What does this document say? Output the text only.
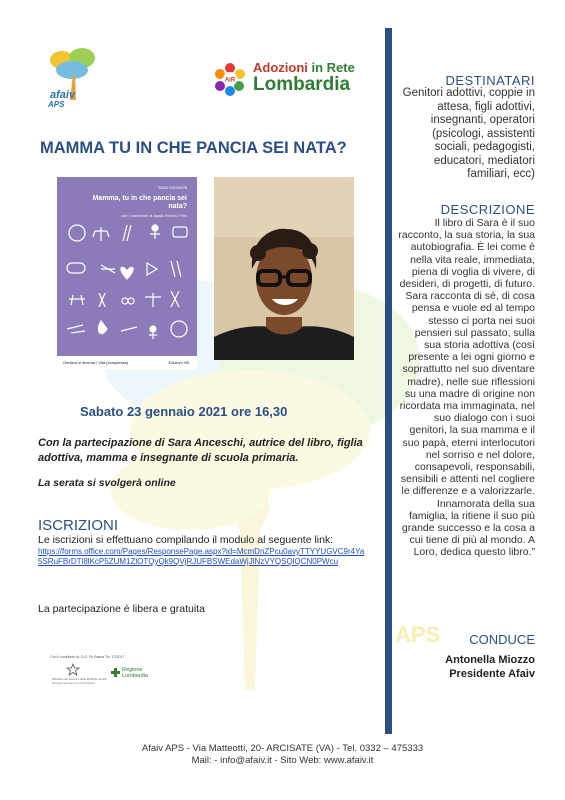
afaiv
APS
AiR
Adozioni in Rete
Lombardia
MAMMA TU IN CHE PANCIA SEI NATA?
Sara Anceschi
Mamma, tu in che pancia sei nata?
con i commenti di Agata Ronchi Felin
Genitori si diventa / Vita (complessa)	Edizioni VB
Sabato 23 gennaio 2021 ore 16,30
Con la partecipazione di Sara Anceschi, autrice del libro, figlia adottiva, mamma e insegnante di scuola primaria.
La serata si svolgerà online
ISCRIZIONI
Le iscrizioni si effettuano compilando il modulo al seguente link:
https://forms.office.com/Pages/ResponsePage.aspx?id=McmDnZPcu0avyTTYYUGVC9r4Ya5SRuFBrDTl8lKcP5ZUM1ZlOTQyQk9QVjRJUFBSWEdaWjJlNzVYQSQlQCN0PWcu
La partecipazione è libera e gratuita
Con il contributo di: D.G. Po Bassa Tin. 12/2017
Ministero del Lavoro e delle Politiche Sociali
Direzione Generale per il Terzo Settore
Regione
Lombardia
DESTINATARI
Genitori adottivi, coppie in attesa, figli adottivi, insegnanti, operatori (psicologi, assistenti sociali, pedagogisti, educatori, mediatori familiari, ecc)
DESCRIZIONE
Il libro di Sara è il suo racconto, la sua storia, la sua autobiografia. È lei come è nella vita reale, immediata, piena di voglia di vivere, di desideri, di progetti, di futuro. Sara racconta di sé, di cosa pensa e vuole ed al tempo stesso ci porta nei suoi pensieri sul passato, sulla sua storia adottiva (così presente a lei ogni giorno e soprattutto nel suo diventare madre), nelle sue riflessioni su una madre di origine non ricordata ma immaginata, nel suo dialogo con i suoi genitori, la sua mamma e il suo papà, eterni interlocutori nel sorriso e nel dolore, consapevoli, responsabili, sensibili e attenti nel cogliere le differenze e a valorizzarle. Innamorata della sua famiglia, la ritiene il suo più grande successo e la cosa a cui tiene di più al mondo. A Loro, dedica questo libro.”
APS	CONDUCE
Antonella Miozzo
Presidente Afaiv
Afaiv APS - Via Matteotti, 20- ARCISATE (VA) - Tel. 0332 – 475333
Mail: - info@afaiv.it - Sito Web: www.afaiv.it
